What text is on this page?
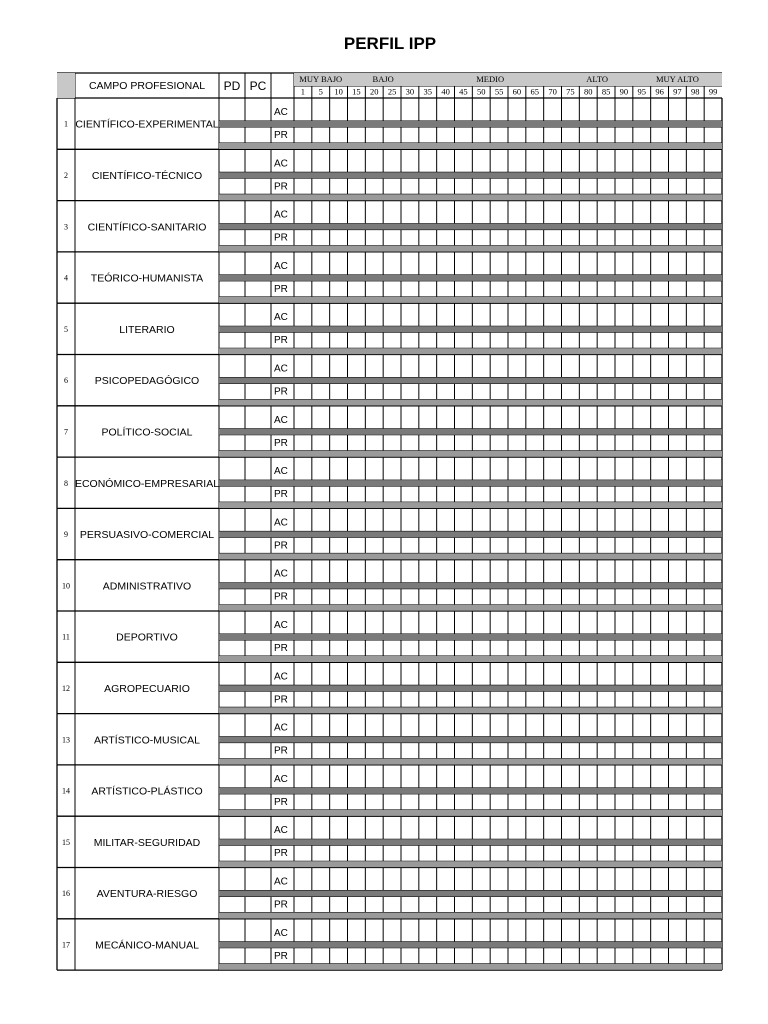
PERFIL IPP
CAMPO PROFESIONAL PD PC	MUY BAJO	BAJO	MEDIO	ALTO	MUY ALTO
1 5 10 15 20 25 30 35 40 45 50 55 60 65 70 75 80 85 90 95 96 97 98 99
1 CIENTÍFICO-EXPERIMENTAL
AC
PR
2 CIENTÍFICO-TÉCNICO
AC
PR
3 CIENTÍFICO-SANITARIO
AC
PR
4 TEÓRICO-HUMANISTA
AC
PR
5	LITERARIO
AC
PR
6	PSICOPEDAGÓGICO
AC
PR
7	POLÍTICO-SOCIAL
AC
PR
8 ECONÓMICO-EMPRESARIAL
AC
PR
9 PERSUASIVO-COMERCIAL
AC
PR
10	ADMINISTRATIVO
AC
PR
11	DEPORTIVO
AC
PR
12	AGROPECUARIO
AC
PR
13 ARTÍSTICO-MUSICAL
AC
PR
14 ARTÍSTICO-PLÁSTICO
AC
PR
15 MILITAR-SEGURIDAD
AC
PR
16	AVENTURA-RIESGO
AC
PR
17 MECÁNICO-MANUAL
AC
PR
